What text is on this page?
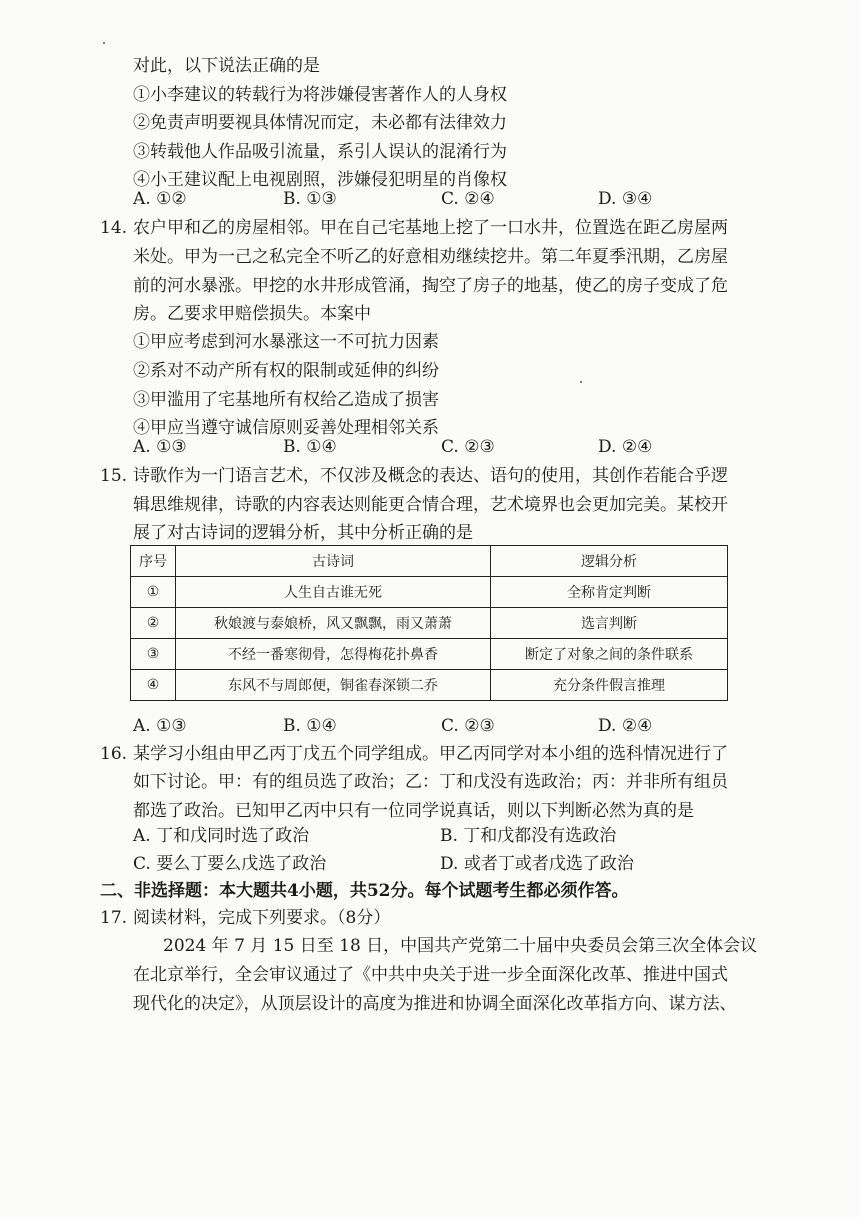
对此，以下说法正确的是
①小李建议的转载行为将涉嫌侵害著作人的人身权
②免责声明要视具体情况而定，未必都有法律效力
③转载他人作品吸引流量，系引人误认的混淆行为
④小王建议配上电视剧照，涉嫌侵犯明星的肖像权
A. ①②	B. ①③	C. ②④	D. ③④
14. 农户甲和乙的房屋相邻。甲在自己宅基地上挖了一口水井，位置选在距乙房屋两
米处。甲为一己之私完全不听乙的好意相劝继续挖井。第二年夏季汛期，乙房屋
前的河水暴涨。甲挖的水井形成管涌，掏空了房子的地基，使乙的房子变成了危
房。乙要求甲赔偿损失。本案中
①甲应考虑到河水暴涨这一不可抗力因素
②系对不动产所有权的限制或延伸的纠纷
③甲滥用了宅基地所有权给乙造成了损害
④甲应当遵守诚信原则妥善处理相邻关系
A. ①③	B. ①④	C. ②③	D. ②④
15. 诗歌作为一门语言艺术，不仅涉及概念的表达、语句的使用，其创作若能合乎逻
辑思维规律，诗歌的内容表达则能更合情合理，艺术境界也会更加完美。某校开
展了对古诗词的逻辑分析，其中分析正确的是
序号	古诗词	逻辑分析
①	人生自古谁无死	全称肯定判断
②	秋娘渡与泰娘桥，风又飘飘，雨又萧萧	选言判断
③	不经一番寒彻骨，怎得梅花扑鼻香	断定了对象之间的条件联系
④	东风不与周郎便，铜雀春深锁二乔	充分条件假言推理
A. ①③	B. ①④	C. ②③	D. ②④
16. 某学习小组由甲乙丙丁戊五个同学组成。甲乙丙同学对本小组的选科情况进行了
如下讨论。甲：有的组员选了政治；乙：丁和戊没有选政治；丙：并非所有组员
都选了政治。已知甲乙丙中只有一位同学说真话，则以下判断必然为真的是
A. 丁和戊同时选了政治	B. 丁和戊都没有选政治
C. 要么丁要么戊选了政治	D. 或者丁或者戊选了政治
二、非选择题：本大题共4小题，共52分。每个试题考生都必须作答。
17. 阅读材料，完成下列要求。（8分）
2024 年 7 月 15 日至 18 日，中国共产党第二十届中央委员会第三次全体会议
在北京举行，全会审议通过了《中共中央关于进一步全面深化改革、推进中国式
现代化的决定》，从顶层设计的高度为推进和协调全面深化改革指方向、谋方法、
